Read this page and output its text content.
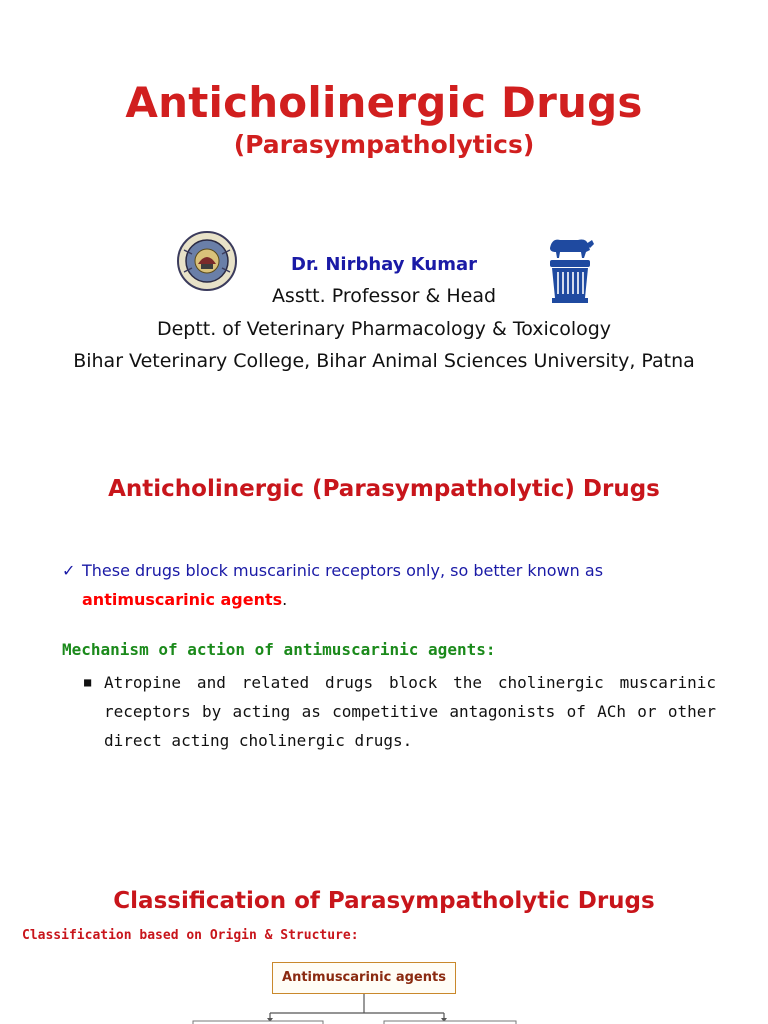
Anticholinergic Drugs
(Parasympatholytics)
Dr. Nirbhay Kumar
Asstt. Professor & Head
Deptt. of Veterinary Pharmacology & Toxicology
Bihar Veterinary College, Bihar Animal Sciences University, Patna
Anticholinergic (Parasympatholytic) Drugs
✓ These drugs block muscarinic receptors only, so better known as
antimuscarinic agents.
Mechanism of action of antimuscarinic agents:
■ Atropine and related drugs block the cholinergic muscarinic receptors by acting as competitive antagonists of ACh or other direct acting cholinergic drugs.
Classification of Parasympatholytic Drugs
Classification based on Origin & Structure:
Antimuscarinic agents
